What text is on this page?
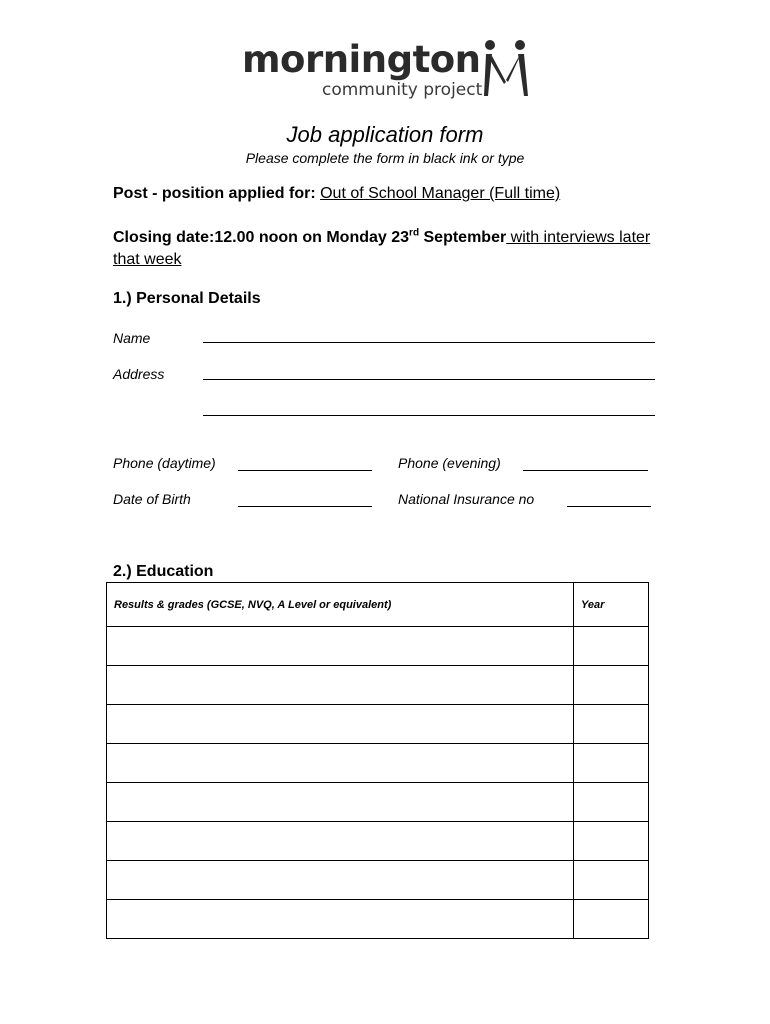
mornington
community project
Job application form
Please complete the form in black ink or type
Post - position applied for: Out of School Manager (Full time)
Closing date:12.00 noon on Monday 23rd September with interviews later that week
1.) Personal Details
Name
Address
Phone (daytime)	Phone (evening)
Date of Birth	National Insurance no
2.) Education
Results & grades (GCSE, NVQ, A Level or equivalent)	Year
